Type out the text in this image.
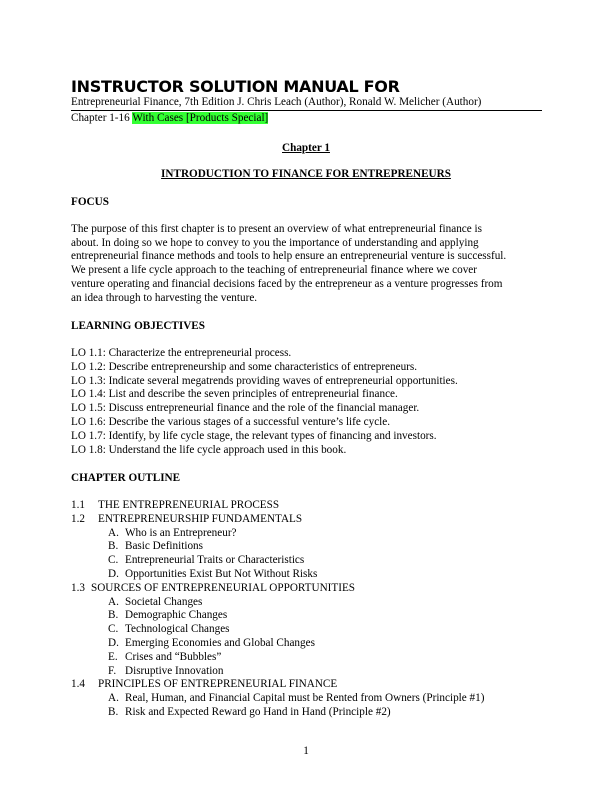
INSTRUCTOR SOLUTION MANUAL FOR
Entrepreneurial Finance, 7th Edition J. Chris Leach (Author), Ronald W. Melicher (Author)
Chapter 1-16 With Cases [Products Special]
Chapter 1
INTRODUCTION TO FINANCE FOR ENTREPRENEURS
FOCUS
The purpose of this first chapter is to present an overview of what entrepreneurial finance is
about. In doing so we hope to convey to you the importance of understanding and applying
entrepreneurial finance methods and tools to help ensure an entrepreneurial venture is successful.
We present a life cycle approach to the teaching of entrepreneurial finance where we cover
venture operating and financial decisions faced by the entrepreneur as a venture progresses from
an idea through to harvesting the venture.
LEARNING OBJECTIVES
LO 1.1: Characterize the entrepreneurial process.
LO 1.2: Describe entrepreneurship and some characteristics of entrepreneurs.
LO 1.3: Indicate several megatrends providing waves of entrepreneurial opportunities.
LO 1.4: List and describe the seven principles of entrepreneurial finance.
LO 1.5: Discuss entrepreneurial finance and the role of the financial manager.
LO 1.6: Describe the various stages of a successful venture’s life cycle.
LO 1.7: Identify, by life cycle stage, the relevant types of financing and investors.
LO 1.8: Understand the life cycle approach used in this book.
CHAPTER OUTLINE
1.1 THE ENTREPRENEURIAL PROCESS
1.2 ENTREPRENEURSHIP FUNDAMENTALS
A. Who is an Entrepreneur?
B. Basic Definitions
C. Entrepreneurial Traits or Characteristics
D. Opportunities Exist But Not Without Risks
1.3 SOURCES OF ENTREPRENEURIAL OPPORTUNITIES
A. Societal Changes
B. Demographic Changes
C. Technological Changes
D. Emerging Economies and Global Changes
E. Crises and “Bubbles”
F. Disruptive Innovation
1.4 PRINCIPLES OF ENTREPRENEURIAL FINANCE
A. Real, Human, and Financial Capital must be Rented from Owners (Principle #1)
B. Risk and Expected Reward go Hand in Hand (Principle #2)
1
